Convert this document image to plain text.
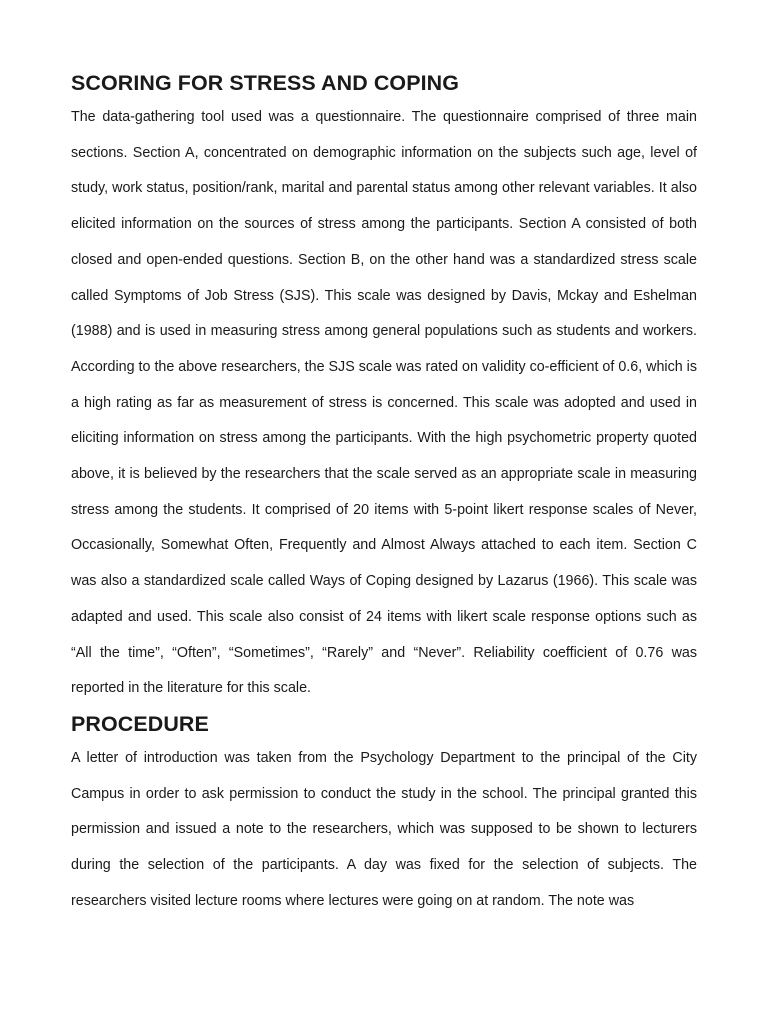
SCORING FOR STRESS AND COPING

The data-gathering tool used was a questionnaire. The questionnaire comprised of three main sections. Section A, concentrated on demographic information on the subjects such age, level of study, work status, position/rank, marital and parental status among other relevant variables. It also elicited information on the sources of stress among the participants. Section A consisted of both closed and open-ended questions. Section B, on the other hand was a standardized stress scale called Symptoms of Job Stress (SJS). This scale was designed by Davis, Mckay and Eshelman (1988) and is used in measuring stress among general populations such as students and workers. According to the above researchers, the SJS scale was rated on validity co-efficient of 0.6, which is a high rating as far as measurement of stress is concerned. This scale was adopted and used in eliciting information on stress among the participants. With the high psychometric property quoted above, it is believed by the researchers that the scale served as an appropriate scale in measuring stress among the students. It comprised of 20 items with 5-point likert response scales of Never, Occasionally, Somewhat Often, Frequently and Almost Always attached to each item. Section C was also a standardized scale called Ways of Coping designed by Lazarus (1966). This scale was adapted and used. This scale also consist of 24 items with likert scale response options such as “All the time”, “Often”, “Sometimes”, “Rarely” and “Never”. Reliability coefficient of 0.76 was reported in the literature for this scale.

PROCEDURE

A letter of introduction was taken from the Psychology Department to the principal of the City Campus in order to ask permission to conduct the study in the school. The principal granted this permission and issued a note to the researchers, which was supposed to be shown to lecturers during the selection of the participants. A day was fixed for the selection of subjects. The researchers visited lecture rooms where lectures were going on at random. The note was
